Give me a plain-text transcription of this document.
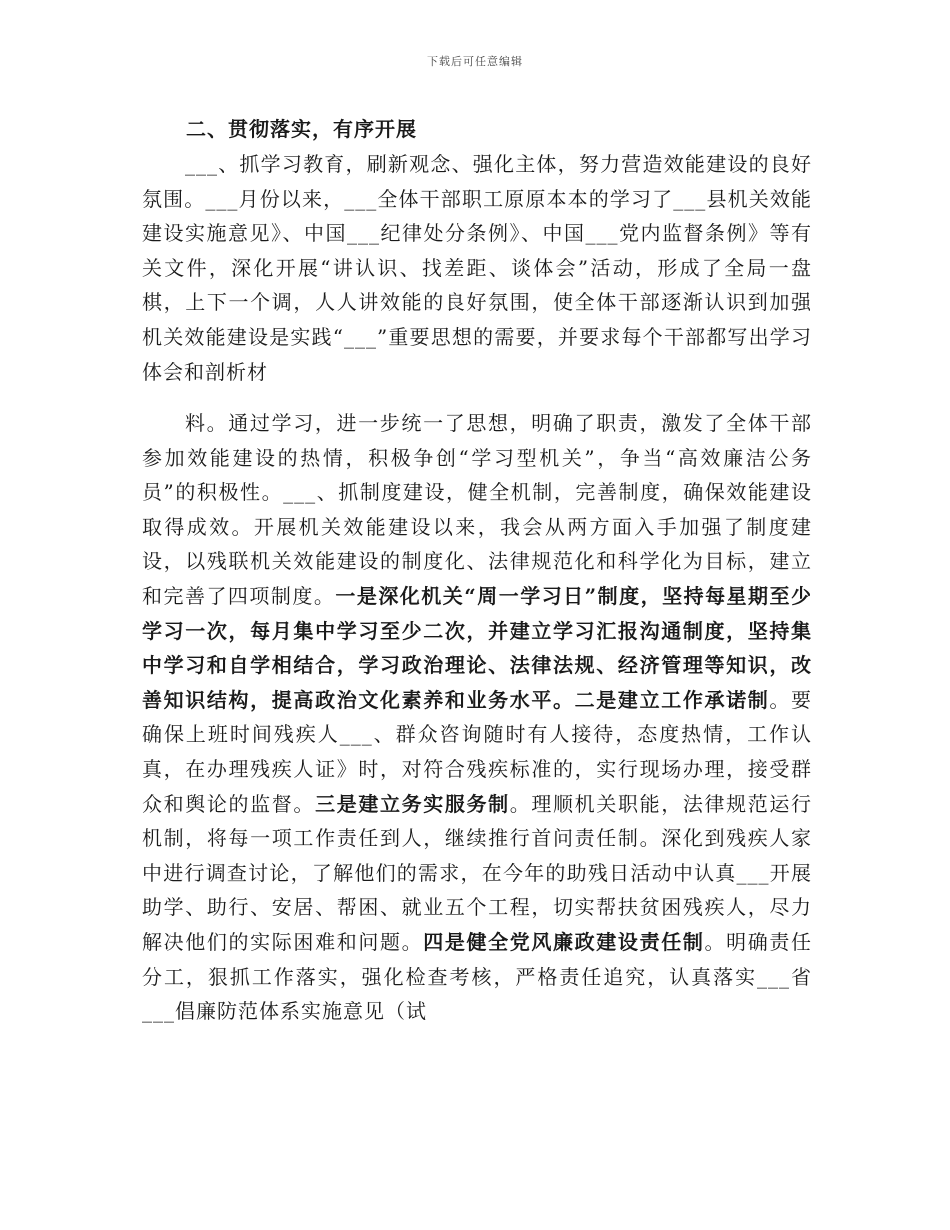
下载后可任意编辑
二、贯彻落实，有序开展

___、抓学习教育，刷新观念、强化主体，努力营造效能建设的良好氛围。___月份以来，___全体干部职工原原本本的学习了___县机关效能建设实施意见》、中国___纪律处分条例》、中国___党内监督条例》等有关文件，深化开展“讲认识、找差距、谈体会”活动，形成了全局一盘棋，上下一个调，人人讲效能的良好氛围，使全体干部逐渐认识到加强机关效能建设是实践“___”重要思想的需要，并要求每个干部都写出学习体会和剖析材

料。通过学习，进一步统一了思想，明确了职责，激发了全体干部参加效能建设的热情，积极争创“学习型机关”，争当“高效廉洁公务员”的积极性。___、抓制度建设，健全机制，完善制度，确保效能建设取得成效。开展机关效能建设以来，我会从两方面入手加强了制度建设，以残联机关效能建设的制度化、法律规范化和科学化为目标，建立和完善了四项制度。一是深化机关“周一学习日”制度，坚持每星期至少学习一次，每月集中学习至少二次，并建立学习汇报沟通制度，坚持集中学习和自学相结合，学习政治理论、法律法规、经济管理等知识，改善知识结构，提高政治文化素养和业务水平。二是建立工作承诺制。要确保上班时间残疾人___、群众咨询随时有人接待，态度热情，工作认真，在办理残疾人证》时，对符合残疾标准的，实行现场办理，接受群众和舆论的监督。三是建立务实服务制。理顺机关职能，法律规范运行机制，将每一项工作责任到人，继续推行首问责任制。深化到残疾人家中进行调查讨论，了解他们的需求，在今年的助残日活动中认真___开展助学、助行、安居、帮困、就业五个工程，切实帮扶贫困残疾人，尽力解决他们的实际困难和问题。四是健全党风廉政建设责任制。明确责任分工，狠抓工作落实，强化检查考核，严格责任追究，认真落实___省___倡廉防范体系实施意见（试
